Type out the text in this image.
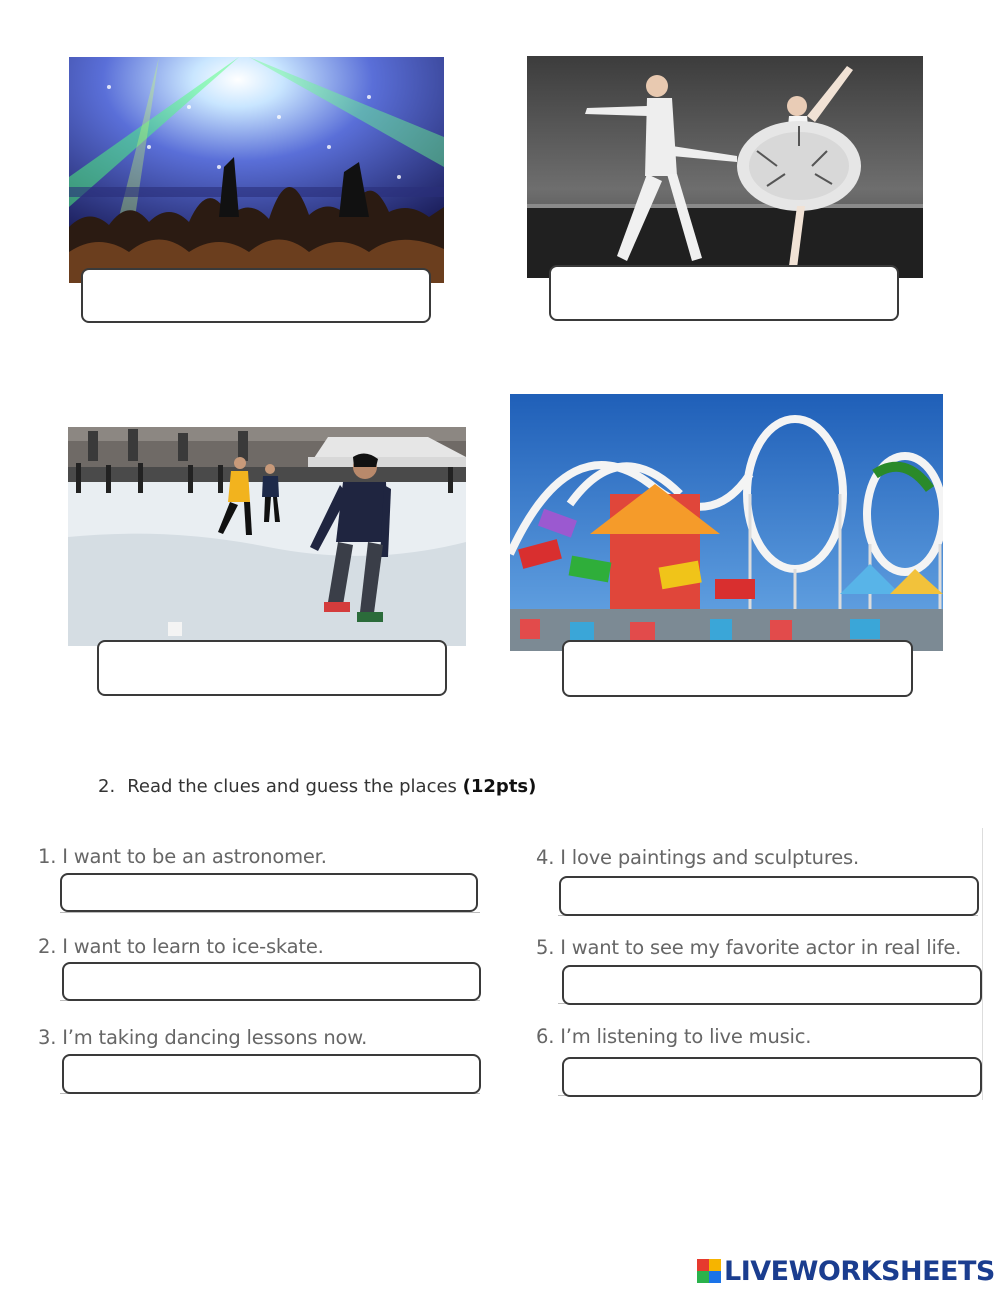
2. Read the clues and guess the places (12pts)
1. I want to be an astronomer.
2. I want to learn to ice-skate.
3. I’m taking dancing lessons now.
4. I love paintings and sculptures.
5. I want to see my favorite actor in real life.
6. I’m listening to live music.
LIVEWORKSHEETS
